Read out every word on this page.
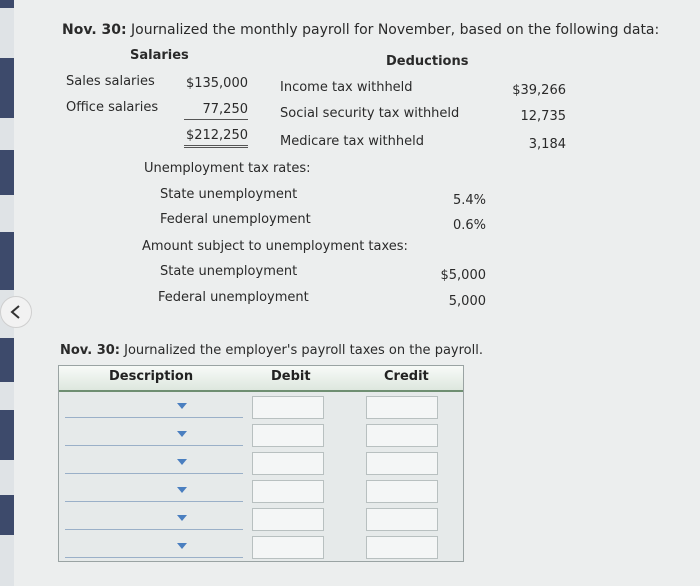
Nov. 30: Journalized the monthly payroll for November, based on the following data:
Salaries	Deductions
Sales salaries	$135,000
Office salaries	77,250
$212,250
Income tax withheld	$39,266
Social security tax withheld	12,735
Medicare tax withheld	3,184
Unemployment tax rates:
State unemployment	5.4%
Federal unemployment	0.6%
Amount subject to unemployment taxes:
State unemployment	$5,000
Federal unemployment	5,000
Nov. 30: Journalized the employer's payroll taxes on the payroll.
Description	Debit	Credit
